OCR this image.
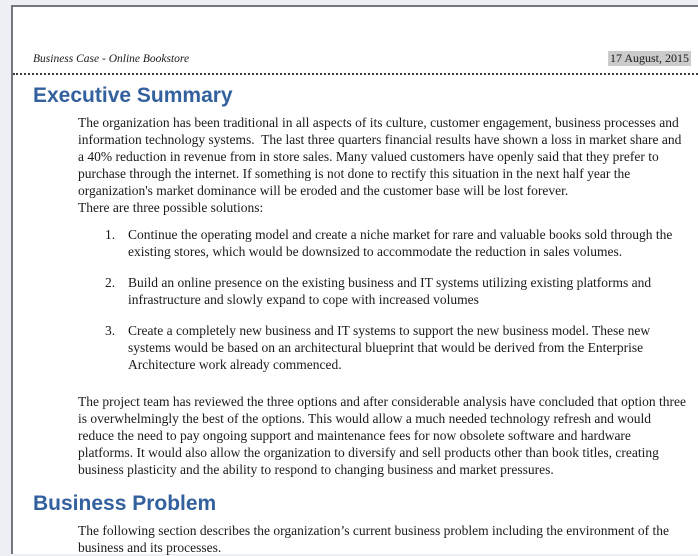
Business Case - Online Bookstore	17 August, 2015
Executive Summary

The organization has been traditional in all aspects of its culture, customer engagement, business processes and information technology systems.  The last three quarters financial results have shown a loss in market share and a 40% reduction in revenue from in store sales. Many valued customers have openly said that they prefer to purchase through the internet. If something is not done to rectify this situation in the next half year the organization's market dominance will be eroded and the customer base will be lost forever.

There are three possible solutions:

1. Continue the operating model and create a niche market for rare and valuable books sold through the existing stores, which would be downsized to accommodate the reduction in sales volumes.
2. Build an online presence on the existing business and IT systems utilizing existing platforms and infrastructure and slowly expand to cope with increased volumes
3. Create a completely new business and IT systems to support the new business model. These new systems would be based on an architectural blueprint that would be derived from the Enterprise Architecture work already commenced.

The project team has reviewed the three options and after considerable analysis have concluded that option three is overwhelmingly the best of the options. This would allow a much needed technology refresh and would reduce the need to pay ongoing support and maintenance fees for now obsolete software and hardware platforms. It would also allow the organization to diversify and sell products other than book titles, creating business plasticity and the ability to respond to changing business and market pressures.

Business Problem

The following section describes the organization’s current business problem including the environment of the business and its processes.
